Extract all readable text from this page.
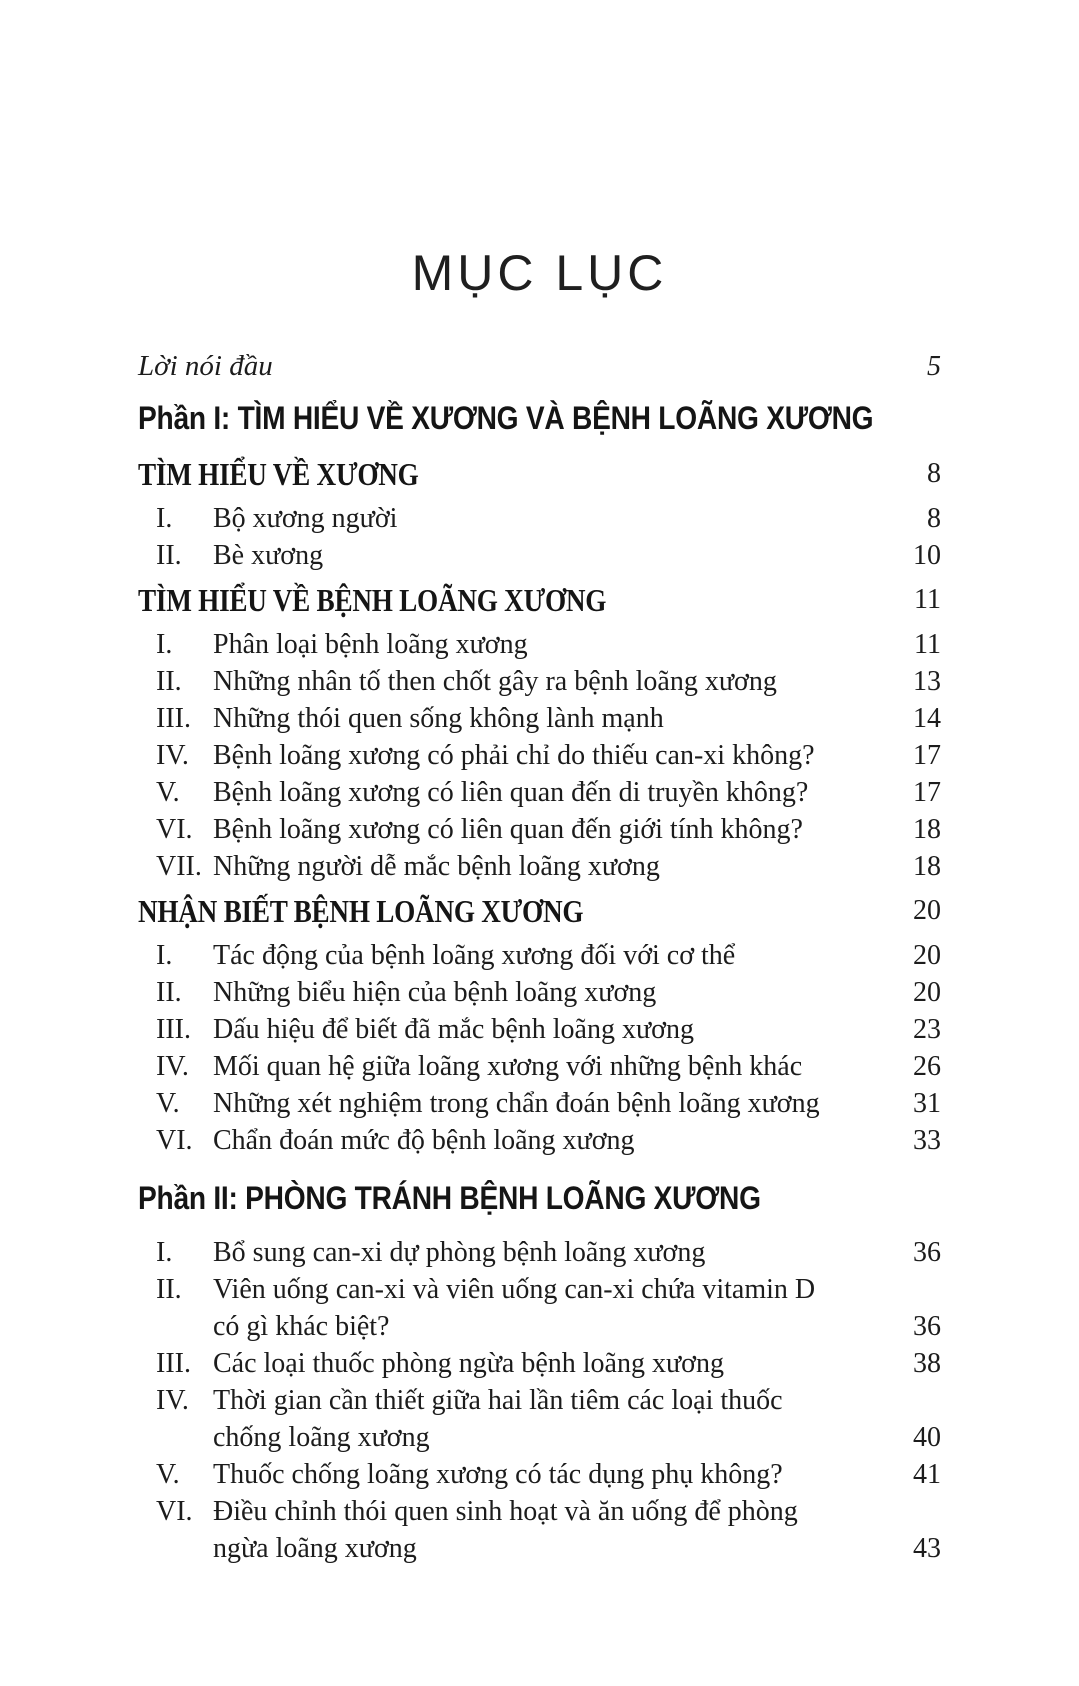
MỤC LỤC
Lời nói đầu	5
Phần I: TÌM HIỂU VỀ XƯƠNG VÀ BỆNH LOÃNG XƯƠNG
TÌM HIỂU VỀ XƯƠNG	8
I.	Bộ xương người	8
II.	Bè xương	10
TÌM HIỂU VỀ BỆNH LOÃNG XƯƠNG	11
I.	Phân loại bệnh loãng xương	11
II.	Những nhân tố then chốt gây ra bệnh loãng xương	13
III. Những thói quen sống không lành mạnh	14
IV. Bệnh loãng xương có phải chỉ do thiếu can-xi không?	17
V.	Bệnh loãng xương có liên quan đến di truyền không?	17
VI. Bệnh loãng xương có liên quan đến giới tính không?	18
VII. Những người dễ mắc bệnh loãng xương	18
NHẬN BIẾT BỆNH LOÃNG XƯƠNG	20
I.	Tác động của bệnh loãng xương đối với cơ thể	20
II.	Những biểu hiện của bệnh loãng xương	20
III. Dấu hiệu để biết đã mắc bệnh loãng xương	23
IV. Mối quan hệ giữa loãng xương với những bệnh khác	26
V.	Những xét nghiệm trong chẩn đoán bệnh loãng xương	31
VI. Chẩn đoán mức độ bệnh loãng xương	33
Phần II: PHÒNG TRÁNH BỆNH LOÃNG XƯƠNG
I.	Bổ sung can-xi dự phòng bệnh loãng xương	36
II.	Viên uống can-xi và viên uống can-xi chứa vitamin D
có gì khác biệt?	36
III. Các loại thuốc phòng ngừa bệnh loãng xương	38
IV. Thời gian cần thiết giữa hai lần tiêm các loại thuốc
chống loãng xương	40
V.	Thuốc chống loãng xương có tác dụng phụ không?	41
VI. Điều chỉnh thói quen sinh hoạt và ăn uống để phòng
ngừa loãng xương	43
